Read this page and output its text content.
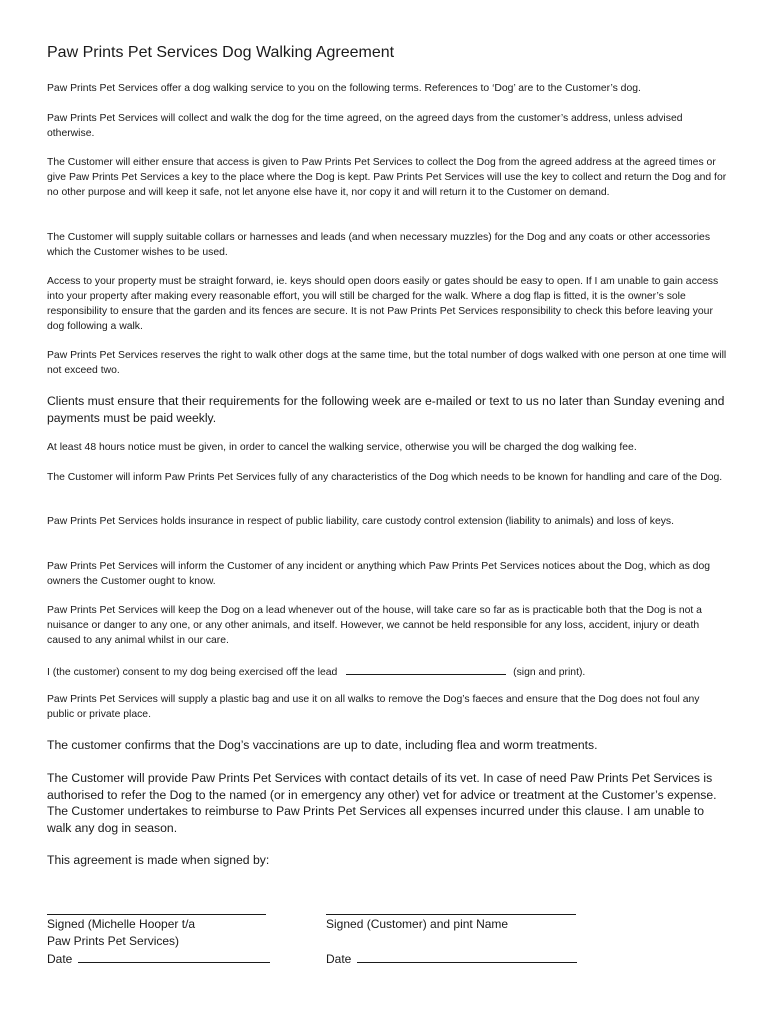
Paw Prints Pet Services Dog Walking Agreement

Paw Prints Pet Services offer a dog walking service to you on the following terms. References to ‘Dog’ are to the Customer’s dog.

Paw Prints Pet Services will collect and walk the dog for the time agreed, on the agreed days from the customer’s address, unless advised otherwise.

The Customer will either ensure that access is given to Paw Prints Pet Services to collect the Dog from the agreed address at the agreed times or give Paw Prints Pet Services a key to the place where the Dog is kept. Paw Prints Pet Services will use the key to collect and return the Dog and for no other purpose and will keep it safe, not let anyone else have it, nor copy it and will return it to the Customer on demand.

The Customer will supply suitable collars or harnesses and leads (and when necessary muzzles) for the Dog and any coats or other accessories which the Customer wishes to be used.

Access to your property must be straight forward, ie. keys should open doors easily or gates should be easy to open. If I am unable to gain access into your property after making every reasonable effort, you will still be charged for the walk. Where a dog flap is fitted, it is the owner’s sole responsibility to ensure that the garden and its fences are secure. It is not Paw Prints Pet Services responsibility to check this before leaving your dog following a walk.

Paw Prints Pet Services reserves the right to walk other dogs at the same time, but the total number of dogs walked with one person at one time will not exceed two.

Clients must ensure that their requirements for the following week are e-mailed or text to us no later than Sunday evening and payments must be paid weekly.

At least 48 hours notice must be given, in order to cancel the walking service, otherwise you will be charged the dog walking fee.

The Customer will inform Paw Prints Pet Services fully of any characteristics of the Dog which needs to be known for handling and care of the Dog.

Paw Prints Pet Services holds insurance in respect of public liability, care custody control extension (liability to animals) and loss of keys.

Paw Prints Pet Services will inform the Customer of any incident or anything which Paw Prints Pet Services notices about the Dog, which as dog owners the Customer ought to know.

Paw Prints Pet Services will keep the Dog on a lead whenever out of the house, will take care so far as is practicable both that the Dog is not a nuisance or danger to any one, or any other animals, and itself. However, we cannot be held responsible for any loss, accident, injury or death caused to any animal whilst in our care.

I (the customer) consent to my dog being exercised off the lead	(sign and print).

Paw Prints Pet Services will supply a plastic bag and use it on all walks to remove the Dog’s faeces and ensure that the Dog does not foul any public or private place.

The customer confirms that the Dog’s vaccinations are up to date, including flea and worm treatments.

The Customer will provide Paw Prints Pet Services with contact details of its vet. In case of need Paw Prints Pet Services is authorised to refer the Dog to the named (or in emergency any other) vet for advice or treatment at the Customer’s expense. The Customer undertakes to reimburse to Paw Prints Pet Services all expenses incurred under this clause. I am unable to walk any dog in season.

This agreement is made when signed by:

Signed (Michelle Hooper t/a

Paw Prints Pet Services)

Date

Signed (Customer) and pint Name

Date
